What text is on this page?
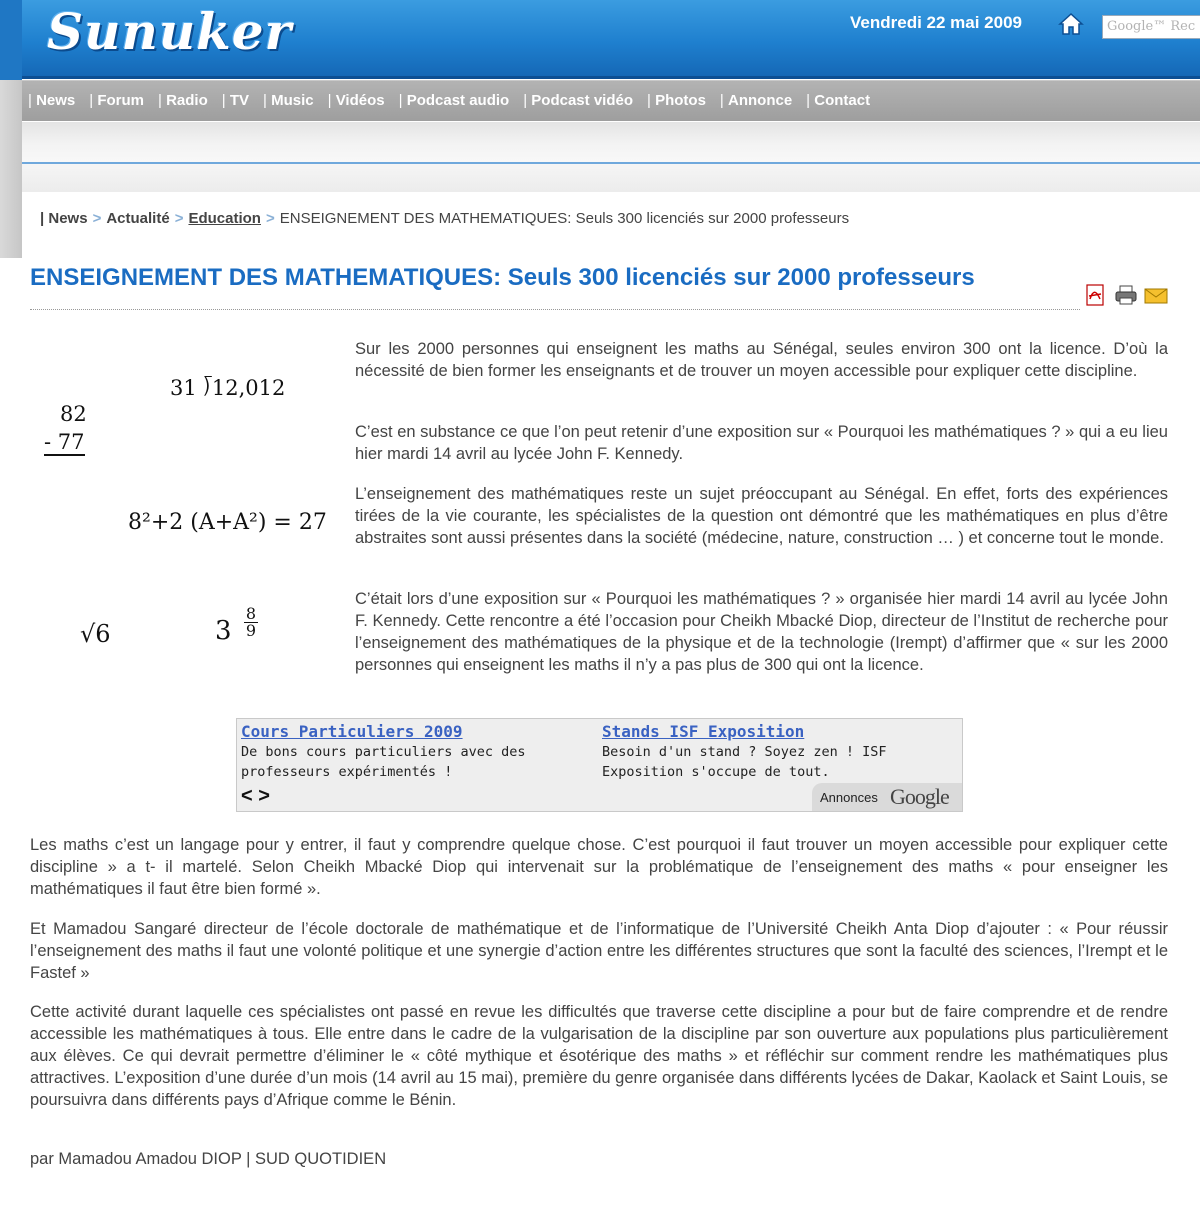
Sunuker	Vendredi 22 mai 2009	Google™ Rec
| News	| Forum	| Radio	| TV	| Music	| Vidéos	| Podcast audio	| Podcast vidéo	| Photos	| Annonce	| Contact
| News > Actualité > Education > ENSEIGNEMENT DES MATHEMATIQUES: Seuls 300 licenciés sur 2000 professeurs
ENSEIGNEMENT DES MATHEMATIQUES: Seuls 300 licenciés sur 2000 professeurs
31 ⟌12,012
82
- 77
8²+2 (A+A²) = 27
√6	$3 \frac{8}{9}$

Sur les 2000 personnes qui enseignent les maths au Sénégal, seules environ 300 ont la licence. D’où la nécessité de bien former les enseignants et de trouver un moyen accessible pour expliquer cette discipline.

C’est en substance ce que l’on peut retenir d’une exposition sur « Pourquoi les mathématiques ? » qui a eu lieu hier mardi 14 avril au lycée John F. Kennedy.

L’enseignement des mathématiques reste un sujet préoccupant au Sénégal. En effet, forts des expériences tirées de la vie courante, les spécialistes de la question ont démontré que les mathématiques en plus d’être abstraites sont aussi présentes dans la société (médecine, nature, construction … ) et concerne tout le monde.

C’était lors d’une exposition sur « Pourquoi les mathématiques ? » organisée hier mardi 14 avril au lycée John F. Kennedy. Cette rencontre a été l’occasion pour Cheikh Mbacké Diop, directeur de l’Institut de recherche pour l’enseignement des mathématiques de la physique et de la technologie (Irempt) d’affirmer que « sur les 2000 personnes qui enseignent les maths il n’y a pas plus de 300 qui ont la licence.

Cours Particuliers 2009
De bons cours particuliers avec des professeurs expérimentés !
Stands ISF Exposition
Besoin d'un stand ? Soyez zen ! ISF Exposition s'occupe de tout.
< >	Annonces Google

Les maths c’est un langage pour y entrer, il faut y comprendre quelque chose. C’est pourquoi il faut trouver un moyen accessible pour expliquer cette discipline » a t- il martelé. Selon Cheikh Mbacké Diop qui intervenait sur la problématique de l’enseignement des maths « pour enseigner les mathématiques il faut être bien formé ».

Et Mamadou Sangaré directeur de l’école doctorale de mathématique et de l’informatique de l’Université Cheikh Anta Diop d’ajouter : « Pour réussir l’enseignement des maths il faut une volonté politique et une synergie d’action entre les différentes structures que sont la faculté des sciences, l’Irempt et le Fastef »

Cette activité durant laquelle ces spécialistes ont passé en revue les difficultés que traverse cette discipline a pour but de faire comprendre et de rendre accessible les mathématiques à tous. Elle entre dans le cadre de la vulgarisation de la discipline par son ouverture aux populations plus particulièrement aux élèves. Ce qui devrait permettre d’éliminer le « côté mythique et ésotérique des maths » et réfléchir sur comment rendre les mathématiques plus attractives. L’exposition d’une durée d’un mois (14 avril au 15 mai), première du genre organisée dans différents lycées de Dakar, Kaolack et Saint Louis, se poursuivra dans différents pays d’Afrique comme le Bénin.

par Mamadou Amadou DIOP | SUD QUOTIDIEN
